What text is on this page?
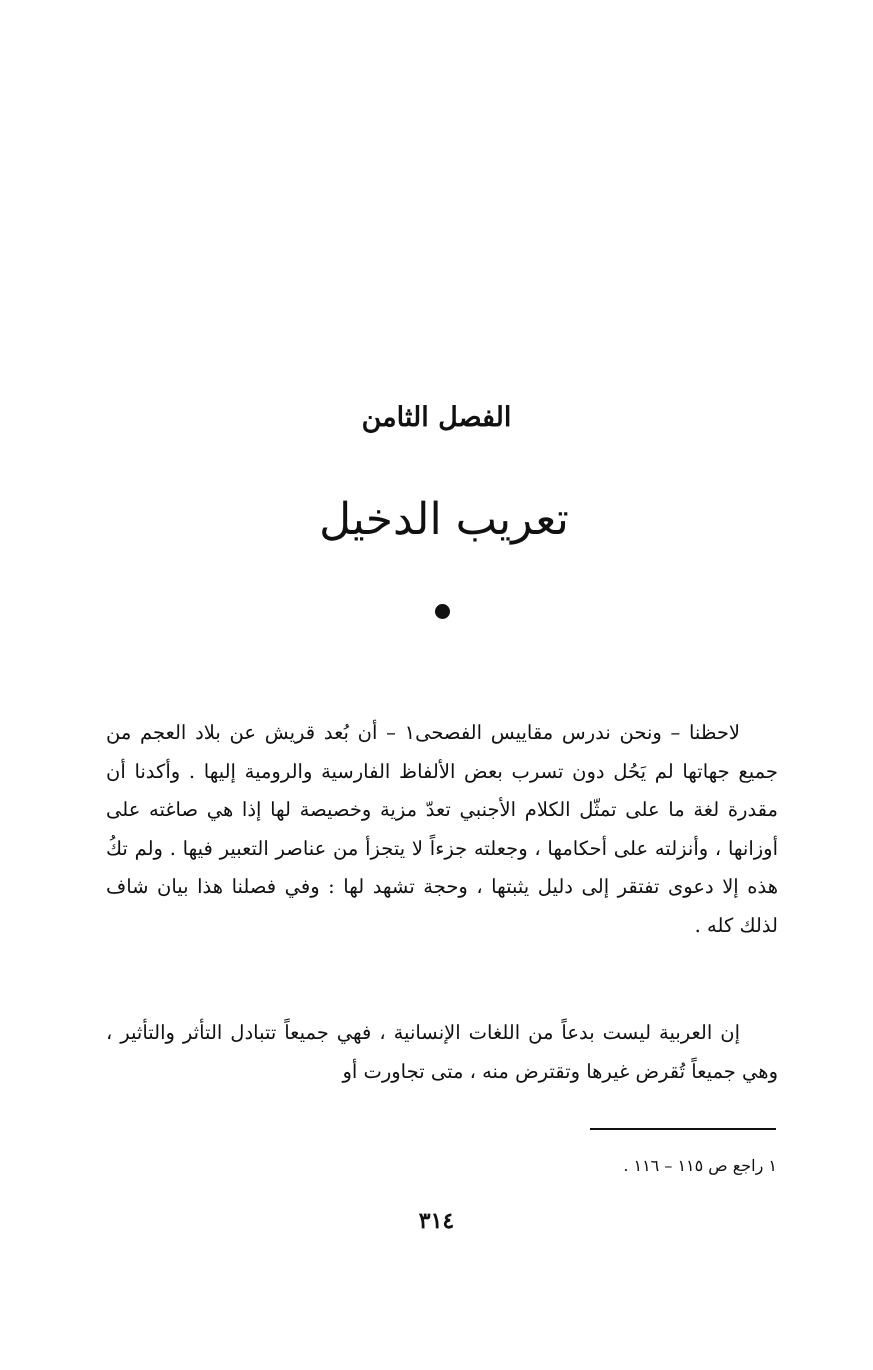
الفصل الثامن
تعريب الدخيل

لاحظنا – ونحن ندرس مقاييس الفصحى١ – أن بُعد قريش عن بلاد العجم من جميع جهاتها لم يَحُل دون تسرب بعض الألفاظ الفارسية والرومية إليها . وأكدنا أن مقدرة لغة ما على تمثّل الكلام الأجنبي تعدّ مزية وخصيصة لها إذا هي صاغته على أوزانها ، وأنزلته على أحكامها ، وجعلته جزءاً لا يتجزأ من عناصر التعبير فيها . ولم تكُ هذه إلا دعوى تفتقر إلى دليل يثبتها ، وحجة تشهد لها : وفي فصلنا هذا بيان شاف لذلك كله .

إن العربية ليست بدعاً من اللغات الإنسانية ، فهي جميعاً تتبادل التأثر والتأثير ، وهي جميعاً تُقرض غيرها وتقترض منه ، متى تجاورت أو

١ راجع ص ١١٥ – ١١٦ .

٣١٤
